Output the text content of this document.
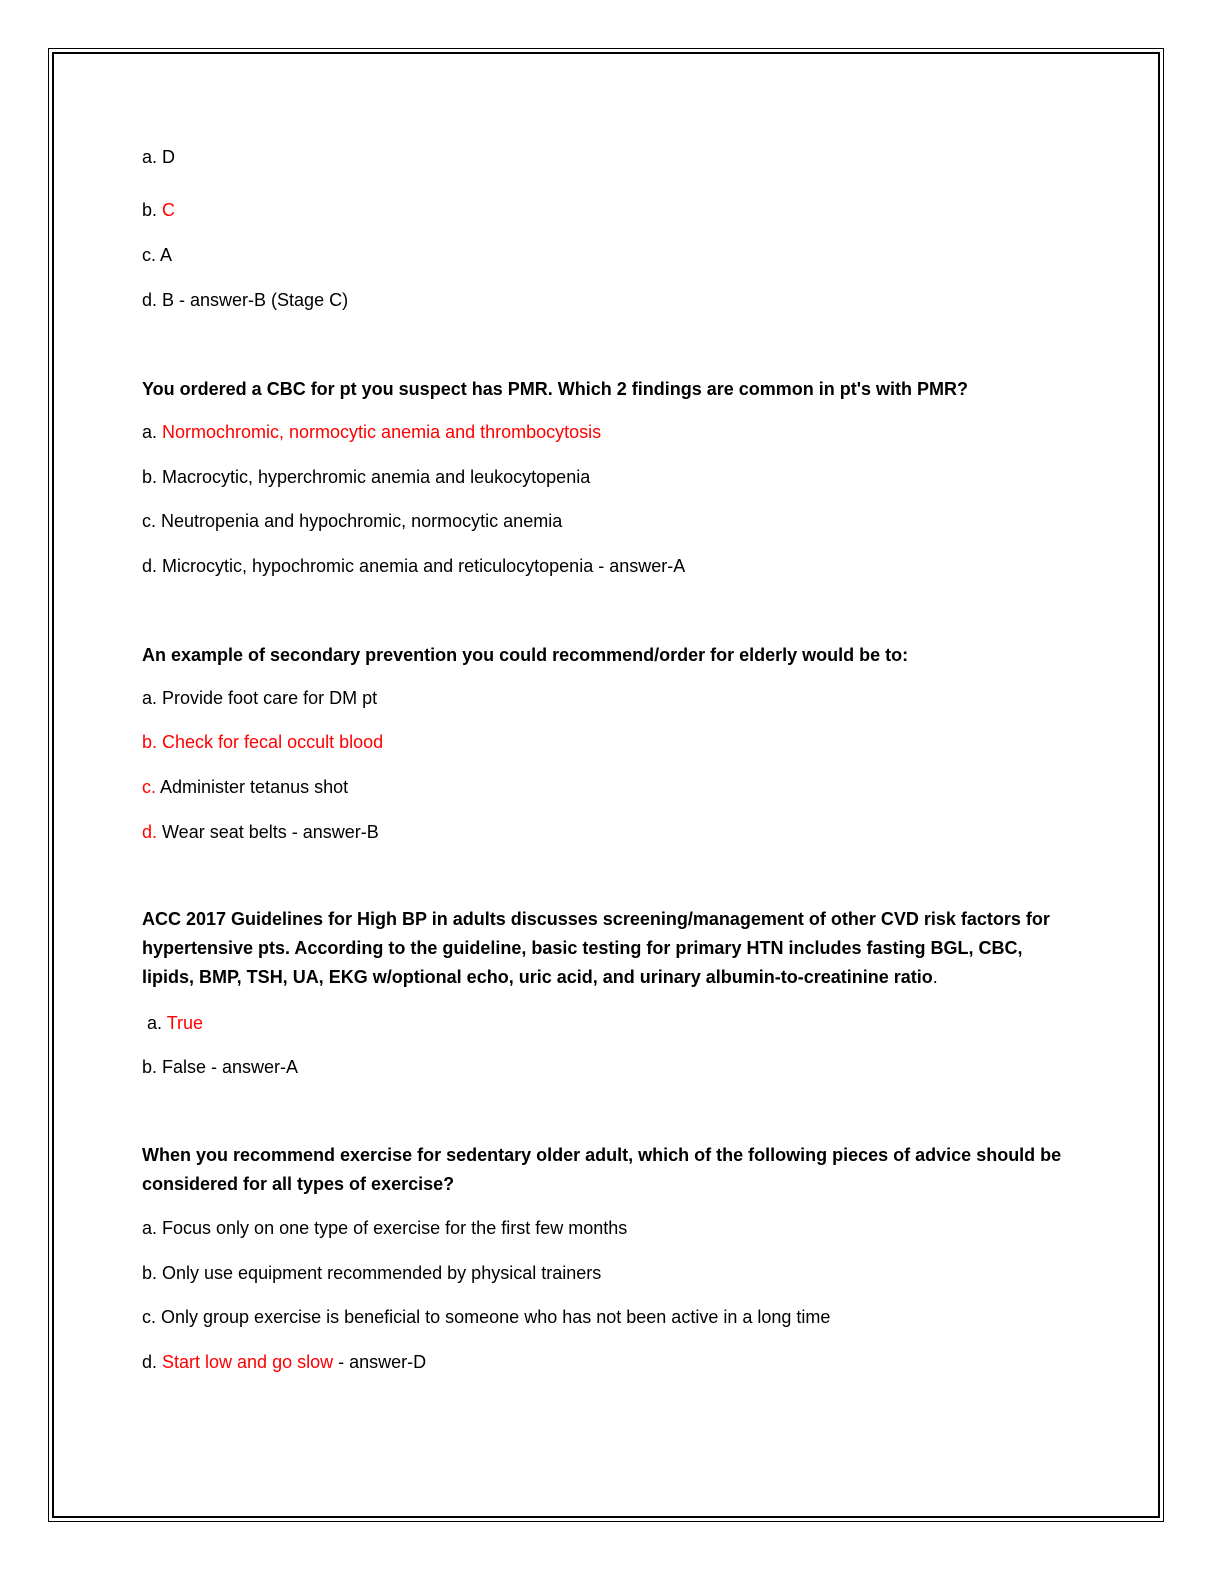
a. D
b. C
c. A
d. B - answer-B (Stage C)
You ordered a CBC for pt you suspect has PMR. Which 2 findings are common in pt's with PMR?
a. Normochromic, normocytic anemia and thrombocytosis
b. Macrocytic, hyperchromic anemia and leukocytopenia
c. Neutropenia and hypochromic, normocytic anemia
d. Microcytic, hypochromic anemia and reticulocytopenia - answer-A
An example of secondary prevention you could recommend/order for elderly would be to:
a. Provide foot care for DM pt
b. Check for fecal occult blood
c. Administer tetanus shot
d. Wear seat belts - answer-B
ACC 2017 Guidelines for High BP in adults discusses screening/management of other CVD risk factors for hypertensive pts. According to the guideline, basic testing for primary HTN includes fasting BGL, CBC, lipids, BMP, TSH, UA, EKG w/optional echo, uric acid, and urinary albumin-to-creatinine ratio.
a. True
b. False - answer-A
When you recommend exercise for sedentary older adult, which of the following pieces of advice should be considered for all types of exercise?
a. Focus only on one type of exercise for the first few months
b. Only use equipment recommended by physical trainers
c. Only group exercise is beneficial to someone who has not been active in a long time
d. Start low and go slow - answer-D
